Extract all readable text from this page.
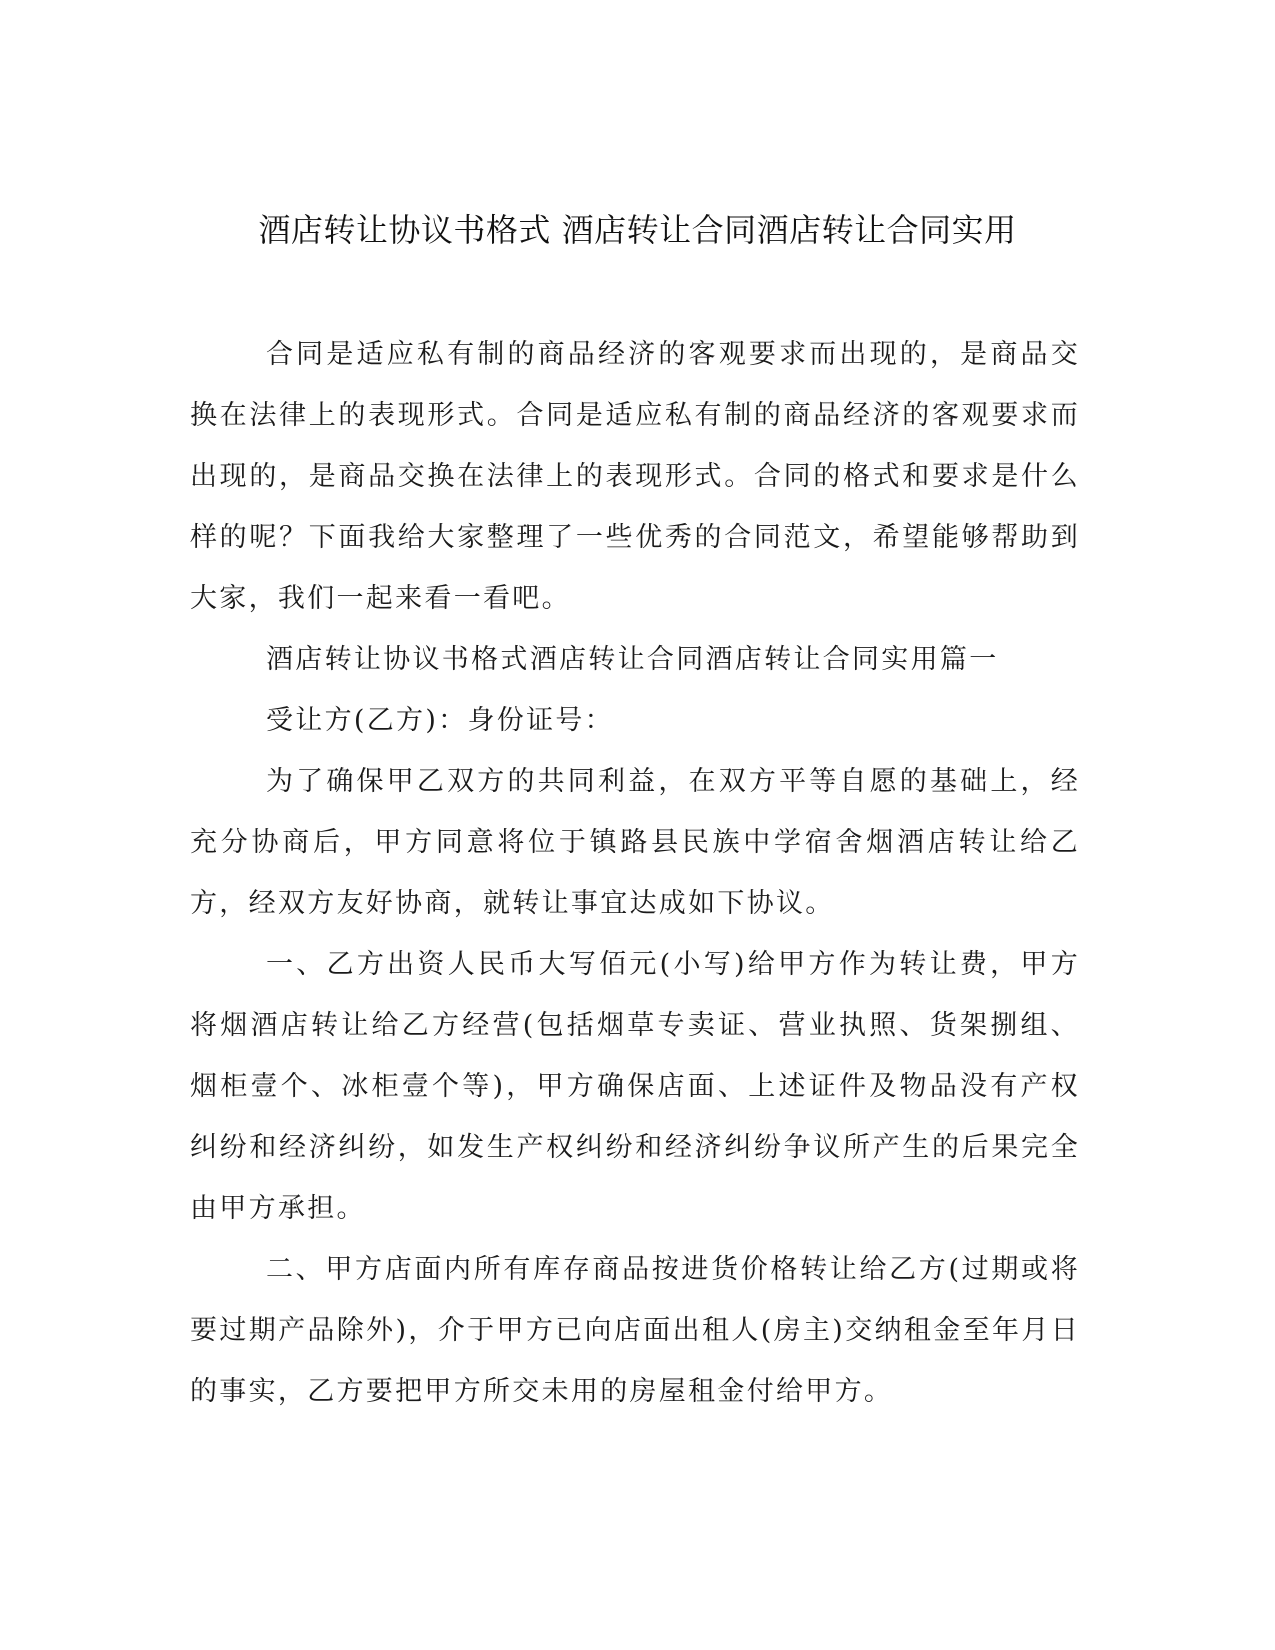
酒店转让协议书格式 酒店转让合同酒店转让合同实用

合同是适应私有制的商品经济的客观要求而出现的，是商品交换在法律上的表现形式。合同是适应私有制的商品经济的客观要求而出现的，是商品交换在法律上的表现形式。合同的格式和要求是什么样的呢？下面我给大家整理了一些优秀的合同范文，希望能够帮助到大家，我们一起来看一看吧。

酒店转让协议书格式酒店转让合同酒店转让合同实用篇一

受让方(乙方)：身份证号：

为了确保甲乙双方的共同利益，在双方平等自愿的基础上，经充分协商后，甲方同意将位于镇路县民族中学宿舍烟酒店转让给乙方，经双方友好协商，就转让事宜达成如下协议。

一、乙方出资人民币大写佰元(小写)给甲方作为转让费，甲方将烟酒店转让给乙方经营(包括烟草专卖证、营业执照、货架捌组、烟柜壹个、冰柜壹个等)，甲方确保店面、上述证件及物品没有产权纠纷和经济纠纷，如发生产权纠纷和经济纠纷争议所产生的后果完全由甲方承担。

二、甲方店面内所有库存商品按进货价格转让给乙方(过期或将要过期产品除外)，介于甲方已向店面出租人(房主)交纳租金至年月日的事实，乙方要把甲方所交未用的房屋租金付给甲方。
